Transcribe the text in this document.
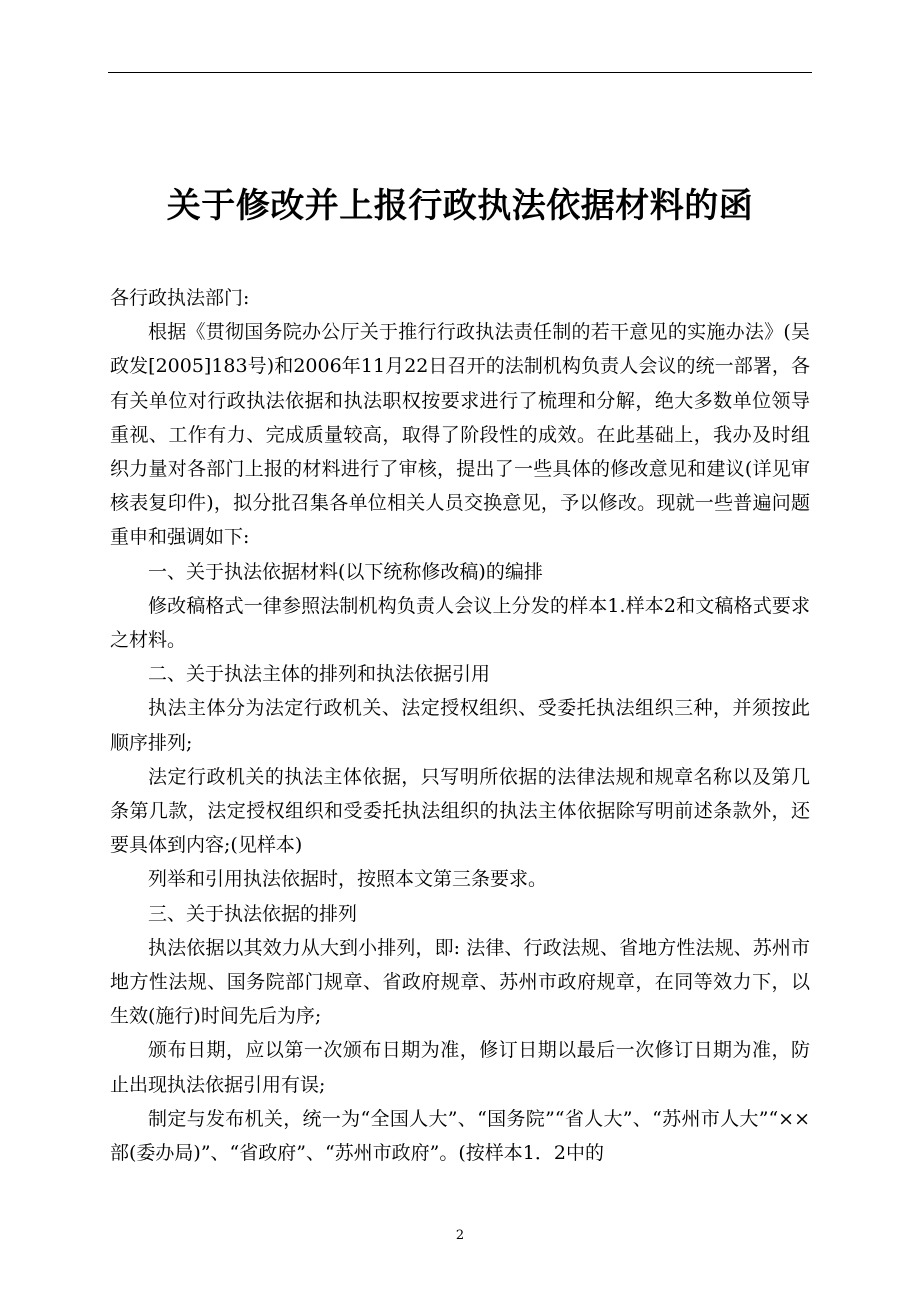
关于修改并上报行政执法依据材料的函

各行政执法部门:

根据《贯彻国务院办公厅关于推行行政执法责任制的若干意见的实施办法》(吴政发[2005]183号)和2006年11月22日召开的法制机构负责人会议的统一部署，各有关单位对行政执法依据和执法职权按要求进行了梳理和分解，绝大多数单位领导重视、工作有力、完成质量较高，取得了阶段性的成效。在此基础上，我办及时组织力量对各部门上报的材料进行了审核，提出了一些具体的修改意见和建议(详见审核表复印件)，拟分批召集各单位相关人员交换意见，予以修改。现就一些普遍问题重申和强调如下:

一、关于执法依据材料(以下统称修改稿)的编排

修改稿格式一律参照法制机构负责人会议上分发的样本1.样本2和文稿格式要求之材料。

二、关于执法主体的排列和执法依据引用

执法主体分为法定行政机关、法定授权组织、受委托执法组织三种，并须按此顺序排列;

法定行政机关的执法主体依据，只写明所依据的法律法规和规章名称以及第几条第几款，法定授权组织和受委托执法组织的执法主体依据除写明前述条款外，还要具体到内容;(见样本)

列举和引用执法依据时，按照本文第三条要求。

三、关于执法依据的排列

执法依据以其效力从大到小排列，即: 法律、行政法规、省地方性法规、苏州市地方性法规、国务院部门规章、省政府规章、苏州市政府规章，在同等效力下，以生效(施行)时间先后为序;

颁布日期，应以第一次颁布日期为准，修订日期以最后一次修订日期为准，防止出现执法依据引用有误;

制定与发布机关，统一为“全国人大”、“国务院”“省人大”、“苏州市人大”“××部(委办局)”、“省政府”、“苏州市政府”。(按样本1．2中的

2
